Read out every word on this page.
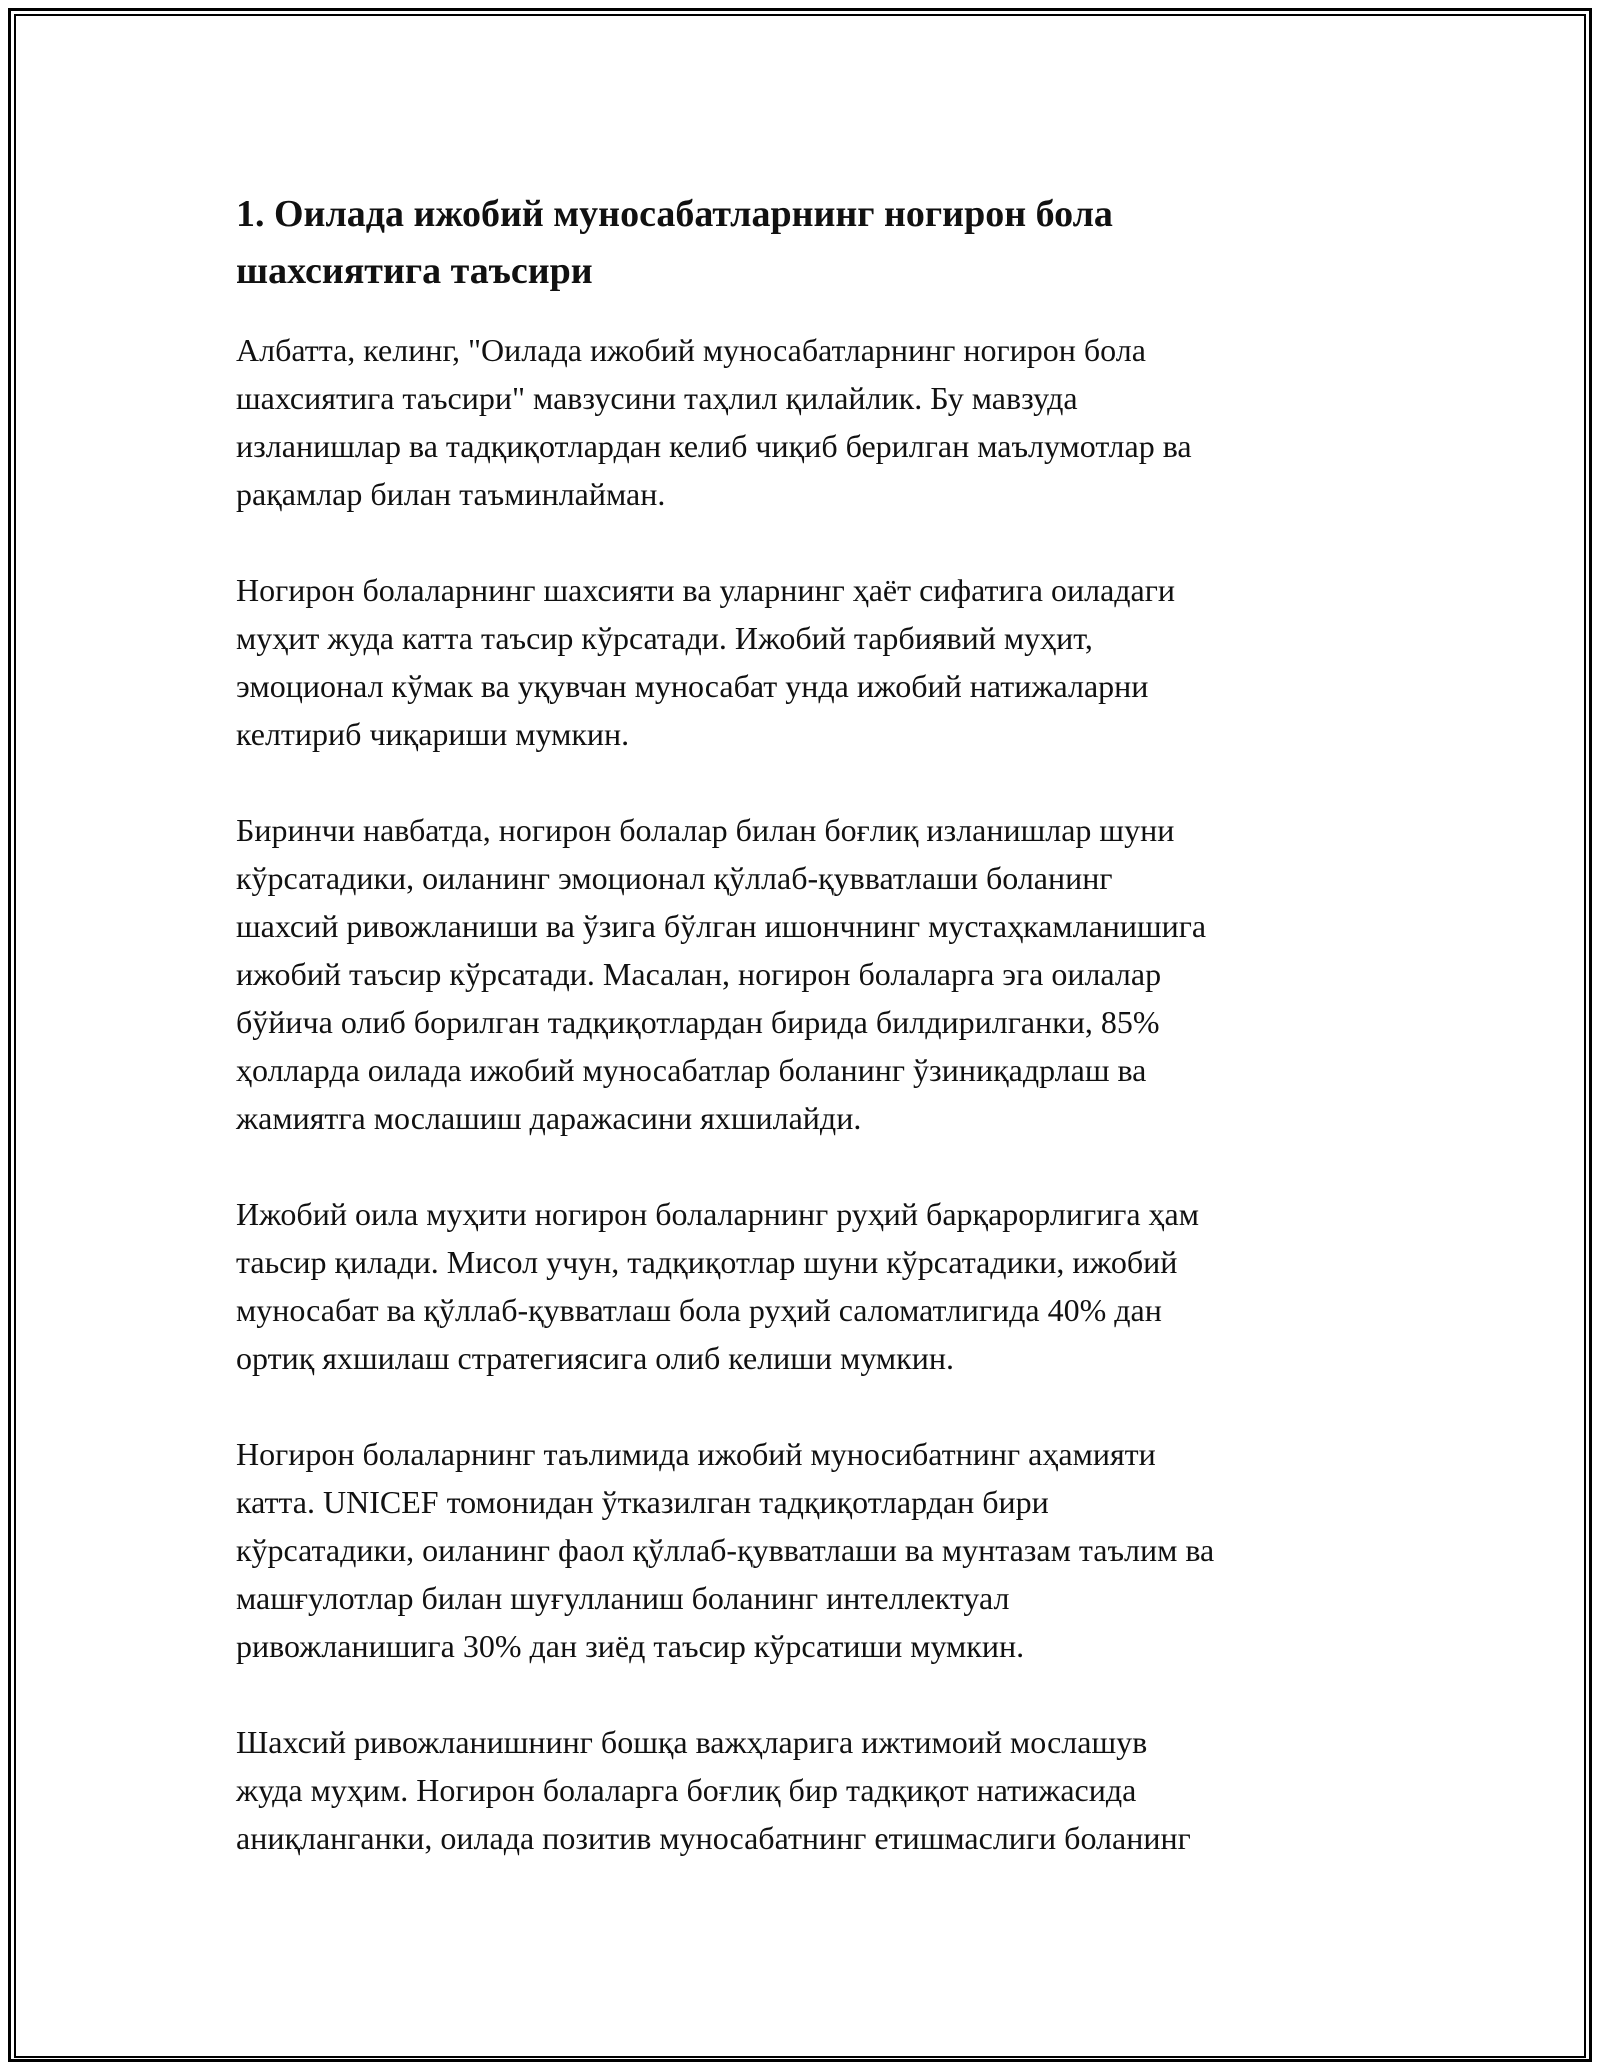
1. Оилада ижобий муносабатларнинг ногирон бола
шахсиятига таъсири

Албатта, келинг, "Оилада ижобий муносабатларнинг ногирон бола
шахсиятига таъсири" мавзусини таҳлил қилайлик. Бу мавзуда
изланишлар ва тадқиқотлардан келиб чиқиб берилган маълумотлар ва
рақамлар билан таъминлайман.

Ногирон болаларнинг шахсияти ва уларнинг ҳаёт сифатига оиладаги
муҳит жуда катта таъсир кўрсатади. Ижобий тарбиявий муҳит,
эмоционал кўмак ва уқувчан муносабат унда ижобий натижаларни
келтириб чиқариши мумкин.

Биринчи навбатда, ногирон болалар билан боғлиқ изланишлар шуни
кўрсатадики, оиланинг эмоционал қўллаб-қувватлаши боланинг
шахсий ривожланиши ва ўзига бўлган ишончнинг мустаҳкамланишига
ижобий таъсир кўрсатади. Масалан, ногирон болаларга эга оилалар
бўйича олиб борилган тадқиқотлардан бирида билдирилганки, 85%
ҳолларда оилада ижобий муносабатлар боланинг ўзиниқадрлаш ва
жамиятга мослашиш даражасини яхшилайди.

Ижобий оила муҳити ногирон болаларнинг руҳий барқарорлигига ҳам
таьсир қилади. Мисол учун, тадқиқотлар шуни кўрсатадики, ижобий
муносабат ва қўллаб-қувватлаш бола руҳий саломатлигида 40% дан
ортиқ яхшилаш стратегиясига олиб келиши мумкин.

Ногирон болаларнинг таълимида ижобий муносибатнинг аҳамияти
катта. UNICEF томонидан ўтказилган тадқиқотлардан бири
кўрсатадики, оиланинг фаол қўллаб-қувватлаши ва мунтазам таълим ва
машғулотлар билан шуғулланиш боланинг интеллектуал
ривожланишига 30% дан зиёд таъсир кўрсатиши мумкин.

Шахсий ривожланишнинг бошқа важҳларига ижтимоий мослашув
жуда муҳим. Ногирон болаларга боғлиқ бир тадқиқот натижасида
аниқланганки, оилада позитив муносабатнинг етишмаслиги боланинг
